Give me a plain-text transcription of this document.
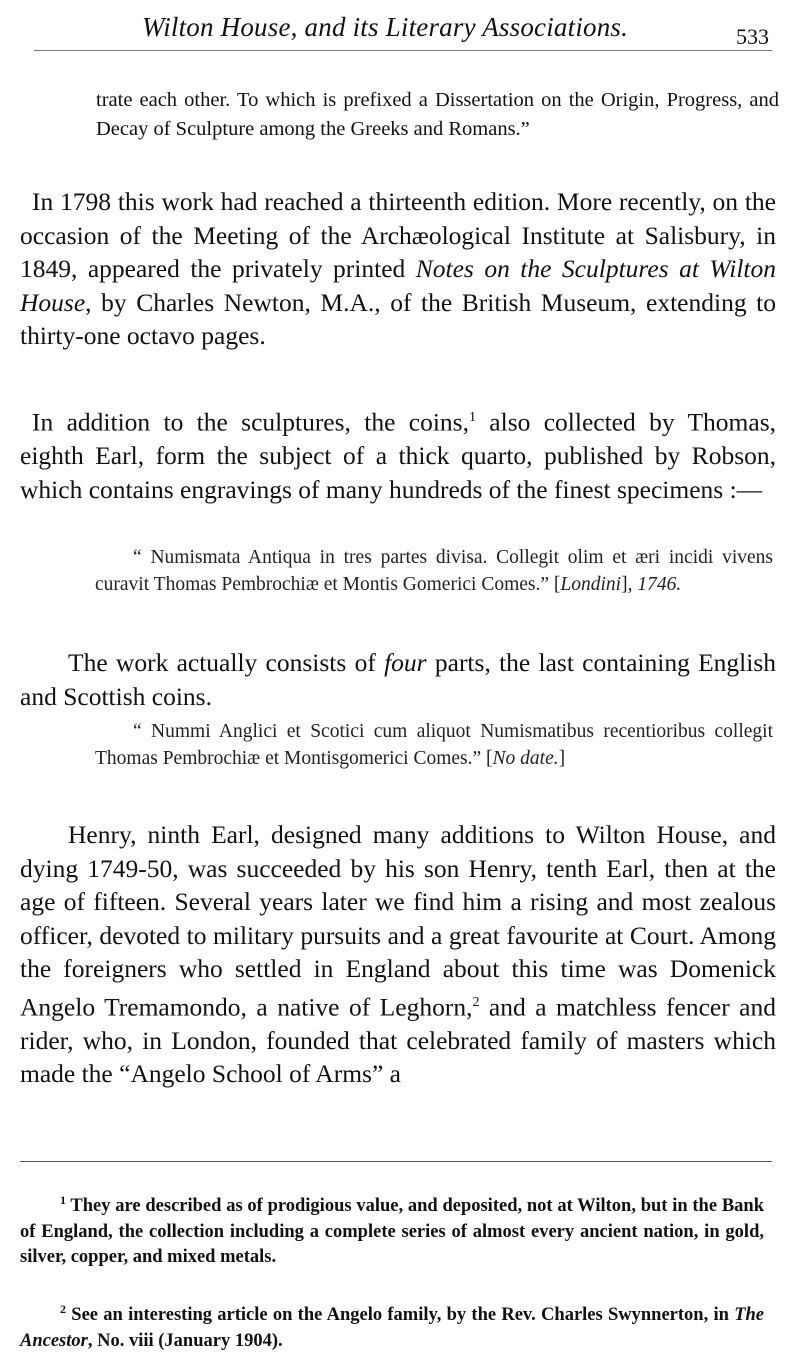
Wilton House, and its Literary Associations.	533

trate each other. To which is prefixed a Dissertation on the Origin, Progress, and Decay of Sculpture among the Greeks and Romans.”

In 1798 this work had reached a thirteenth edition. More recently, on the occasion of the Meeting of the Archæological Institute at Salisbury, in 1849, appeared the privately printed Notes on the Sculptures at Wilton House, by Charles Newton, M.A., of the British Museum, extending to thirty-one octavo pages.

In addition to the sculptures, the coins,$^1$ also collected by Thomas, eighth Earl, form the subject of a thick quarto, published by Robson, which contains engravings of many hundreds of the finest specimens :—

“ Numismata Antiqua in tres partes divisa. Collegit olim et æri incidi vivens curavit Thomas Pembrochiæ et Montis Gomerici Comes.” [Londini], 1746.

The work actually consists of four parts, the last containing English and Scottish coins.

“ Nummi Anglici et Scotici cum aliquot Numismatibus recentioribus collegit Thomas Pembrochiæ et Montisgomerici Comes.” [No date.]

Henry, ninth Earl, designed many additions to Wilton House, and dying 1749-50, was succeeded by his son Henry, tenth Earl, then at the age of fifteen. Several years later we find him a rising and most zealous officer, devoted to military pursuits and a great favourite at Court. Among the foreigners who settled in England about this time was Domenick Angelo Tremamondo, a native of Leghorn,$^2$ and a matchless fencer and rider, who, in London, founded that celebrated family of masters which made the “Angelo School of Arms” a

$^1$ They are described as of prodigious value, and deposited, not at Wilton, but in the Bank of England, the collection including a complete series of almost every ancient nation, in gold, silver, copper, and mixed metals.

$^2$ See an interesting article on the Angelo family, by the Rev. Charles Swynnerton, in The Ancestor, No. viii (January 1904).
